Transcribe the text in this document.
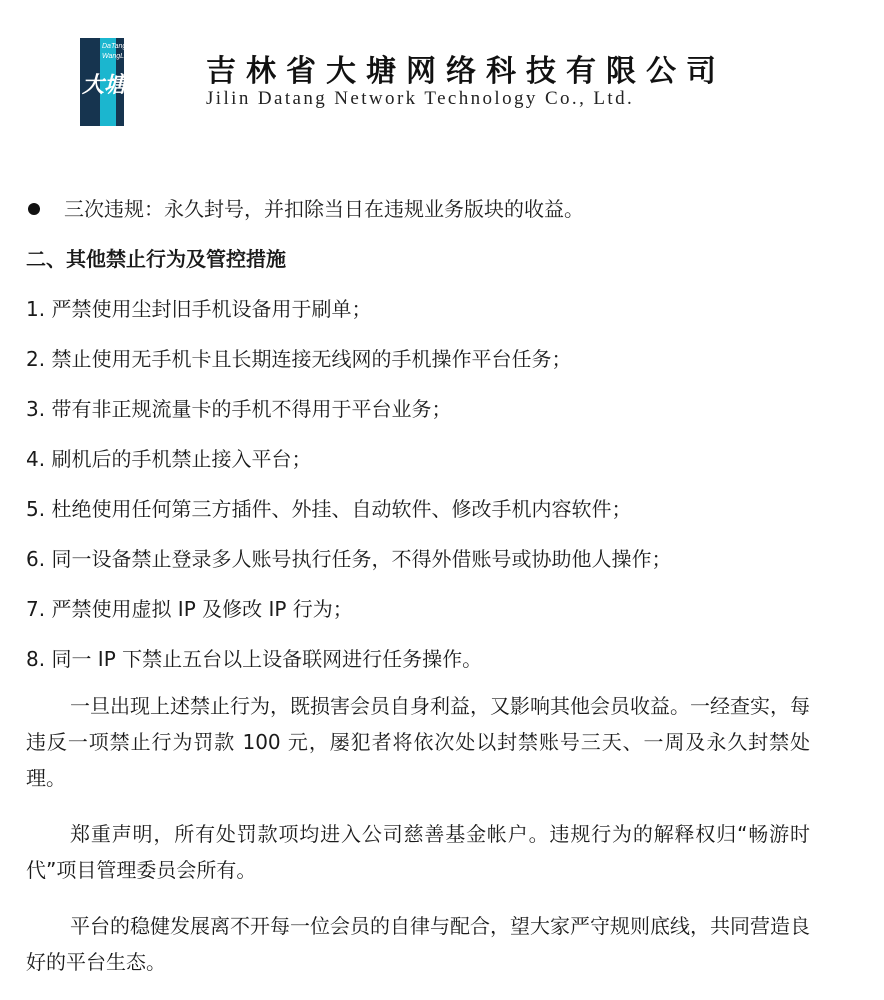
DaTang
WangLuo
大塘网络 吉林省大塘网络科技有限公司
Jilin Datang Network Technology Co., Ltd.
三次违规：永久封号，并扣除当日在违规业务版块的收益。
二、其他禁止行为及管控措施
1. 严禁使用尘封旧手机设备用于刷单；
2. 禁止使用无手机卡且长期连接无线网的手机操作平台任务；
3. 带有非正规流量卡的手机不得用于平台业务；
4. 刷机后的手机禁止接入平台；
5. 杜绝使用任何第三方插件、外挂、自动软件、修改手机内容软件；
6. 同一设备禁止登录多人账号执行任务，不得外借账号或协助他人操作；
7. 严禁使用虚拟 IP 及修改 IP 行为；
8. 同一 IP 下禁止五台以上设备联网进行任务操作。

一旦出现上述禁止行为，既损害会员自身利益，又影响其他会员收益。一经查实，每违反一项禁止行为罚款 100 元，屡犯者将依次处以封禁账号三天、一周及永久封禁处理。

郑重声明，所有处罚款项均进入公司慈善基金帐户。违规行为的解释权归“畅游时代”项目管理委员会所有。

平台的稳健发展离不开每一位会员的自律与配合，望大家严守规则底线，共同营造良好的平台生态。
